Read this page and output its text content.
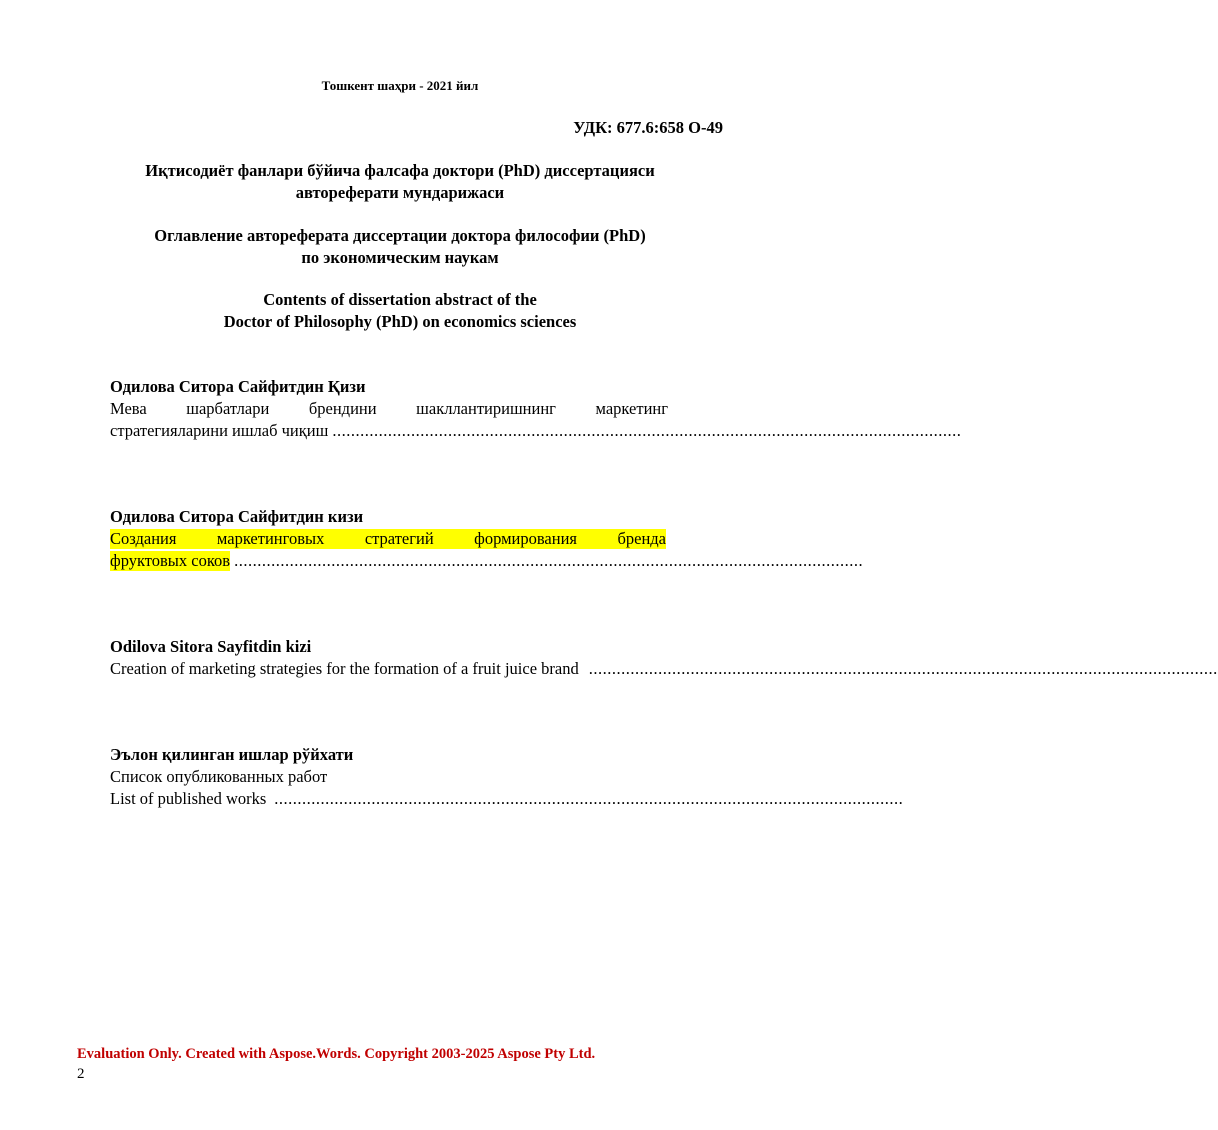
Тошкент шаҳри - 2021 йил
УДК: 677.6:658 О-49
Иқтисодиёт фанлари бўйича фалсафа доктори (PhD) диссертацияси
автореферати мундарижаси
Оглавление автореферата диссертации доктора философии (PhD)
по экономическим наукам
Contents of dissertation abstract of the
Doctor of Philosophy (PhD) on economics sciences
Одилова Ситора Сайфитдин Қизи
Мева шарбатлари брендини шакллантиришнинг маркетинг
стратегияларини ишлаб чиқиш ........................................................................................................................................
Одилова Ситора Сайфитдин кизи
Создания маркетинговых стратегий формирования бренда
фруктовых соков ........................................................................................................................................
Odilova Sitora Sayfitdin kizi
Creation of marketing strategies for the formation of a fruit juice brand ........................................................................................................................................
Эълон қилинган ишлар рўйхати
Список опубликованных работ
List of published works ........................................................................................................................................
Evaluation Only. Created with Aspose.Words. Copyright 2003-2025 Aspose Pty Ltd.
2
